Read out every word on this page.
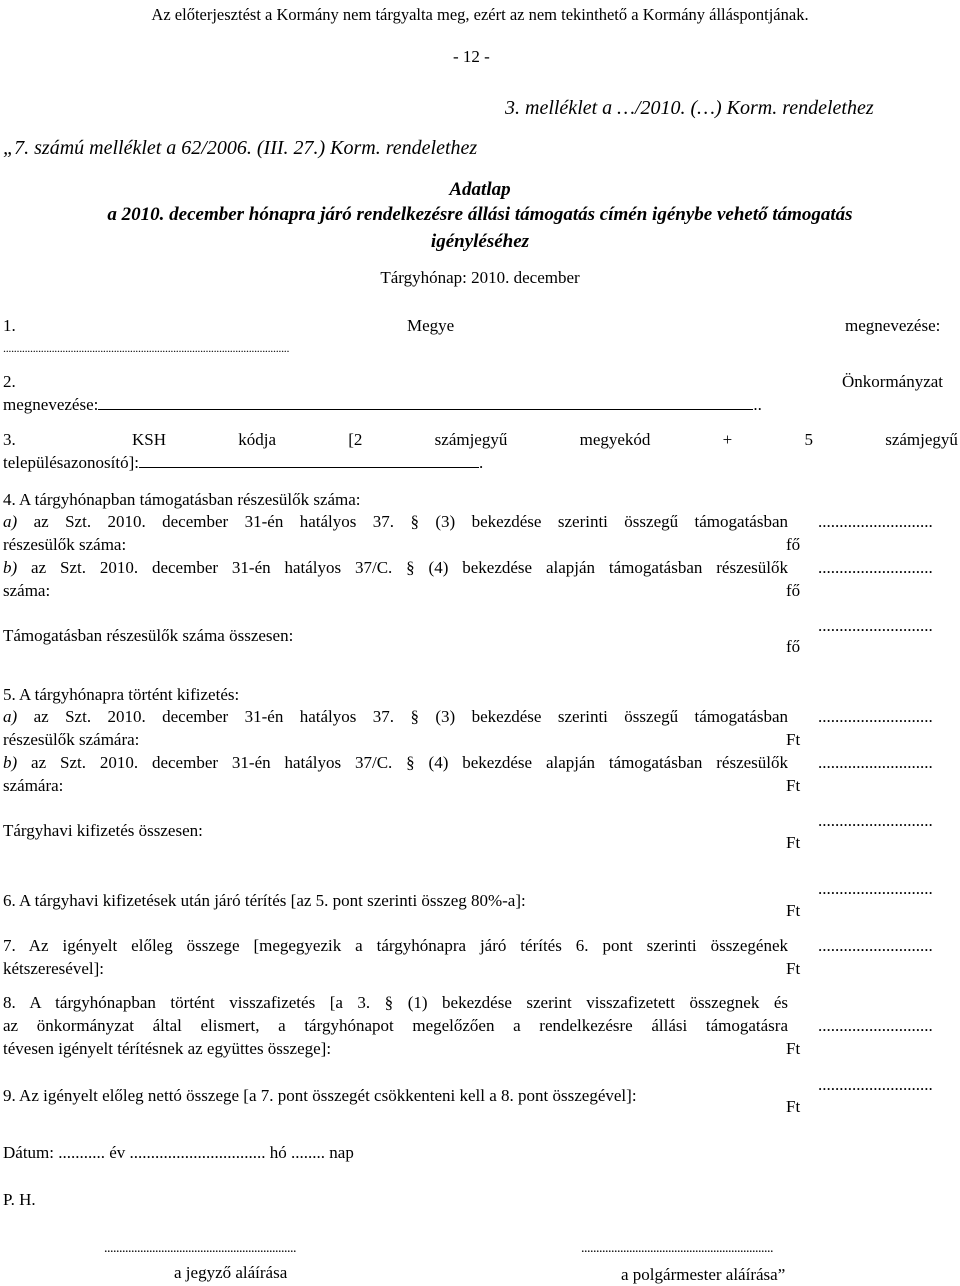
Az előterjesztést a Kormány nem tárgyalta meg, ezért az nem tekinthető a Kormány álláspontjának.
- 12 -
3. melléklet a …/2010. (…) Korm. rendelethez
„7. számú melléklet a 62/2006. (III. 27.) Korm. rendelethez
Adatlap
a 2010. december hónapra járó rendelkezésre állási támogatás címén igénybe vehető támogatás
igényléséhez
Tárgyhónap: 2010. december
1.	Megye	megnevezése:
..........................................................................................................
2.	Önkormányzat
megnevezése:	..
3.	KSH	kódja	[2	számjegyű	megyekód	+	5	számjegyű
településazonosító]:	.
4. A tárgyhónapban támogatásban részesülők száma:
a) az Szt. 2010. december 31-én hatályos 37. § (3) bekezdése szerinti összegű támogatásban
részesülők száma:
...........................
fő
b) az Szt. 2010. december 31-én hatályos 37/C. § (4) bekezdése alapján támogatásban részesülők
száma:
...........................
fő
Támogatásban részesülők száma összesen:
...........................
fő
5. A tárgyhónapra történt kifizetés:
a) az Szt. 2010. december 31-én hatályos 37. § (3) bekezdése szerinti összegű támogatásban
részesülők számára:
...........................
Ft
b) az Szt. 2010. december 31-én hatályos 37/C. § (4) bekezdése alapján támogatásban részesülők
számára:
...........................
Ft
Tárgyhavi kifizetés összesen:
...........................
Ft
6. A tárgyhavi kifizetések után járó térítés [az 5. pont szerinti összeg 80%-a]:
...........................
Ft
7. Az igényelt előleg összege [megegyezik a tárgyhónapra járó térítés 6. pont szerinti összegének
kétszeresével]:
...........................
Ft
8. A tárgyhónapban történt visszafizetés [a 3. § (1) bekezdése szerint visszafizetett összegnek és
az önkormányzat által elismert, a tárgyhónapot megelőzően a rendelkezésre állási támogatásra
tévesen igényelt térítésnek az együttes összege]:
...........................
Ft
9. Az igényelt előleg nettó összege [a 7. pont összegét csökkenteni kell a 8. pont összegével]:
...........................
Ft
Dátum: ........... év ................................ hó ........ nap
P. H.
................................................................	................................................................
a jegyző aláírása	a polgármester aláírása”
